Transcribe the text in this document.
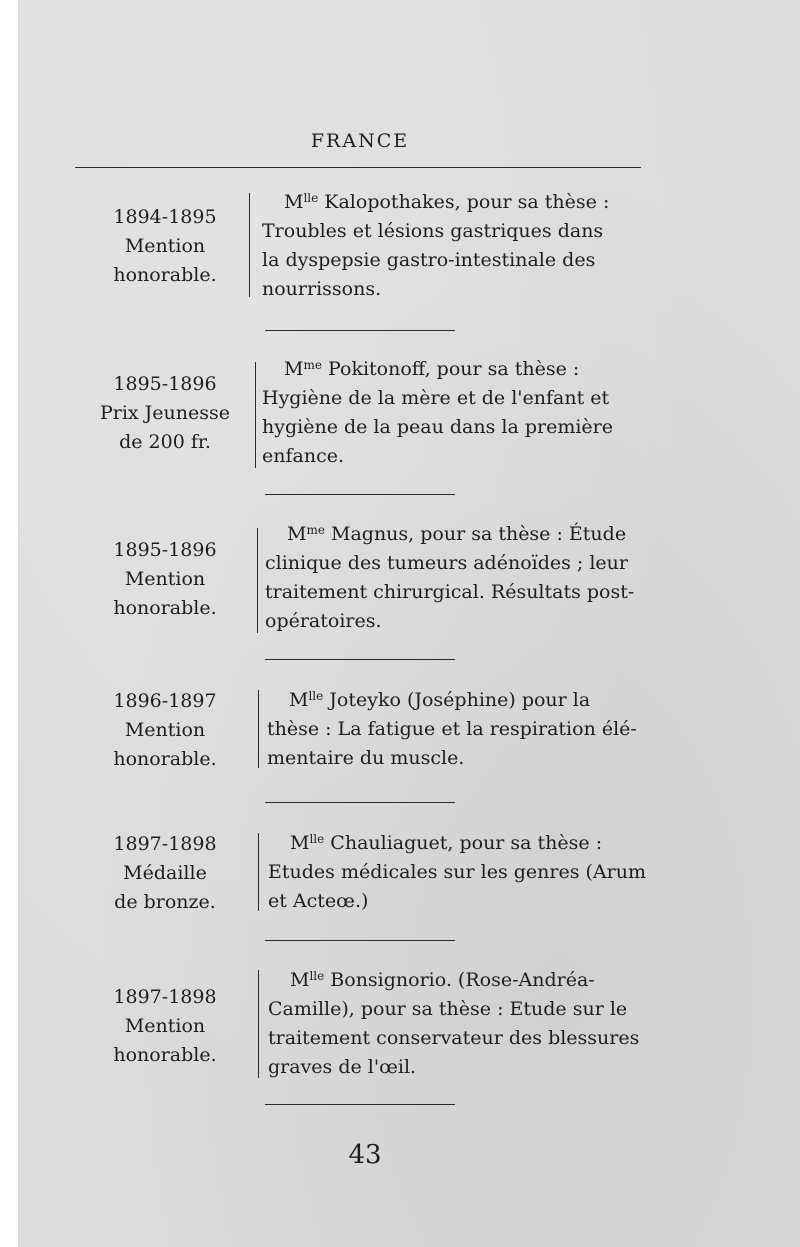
FRANCE
1894-1895
Mention
honorable.
$M^{lle}$ Kalopothakes, pour sa thèse :
Troubles et lésions gastriques dans
la dyspepsie gastro-intestinale des
nourrissons.
1895-1896
Prix Jeunesse
de 200 fr.
$M^{me}$ Pokitonoff, pour sa thèse :
Hygiène de la mère et de l'enfant et
hygiène de la peau dans la première
enfance.
1895-1896
Mention
honorable.
$M^{me}$ Magnus, pour sa thèse : Étude
clinique des tumeurs adénoïdes ; leur
traitement chirurgical. Résultats post-
opératoires.
1896-1897
Mention
honorable.
$M^{lle}$ Joteyko (Joséphine) pour la
thèse : La fatigue et la respiration élé-
mentaire du muscle.
1897-1898
Médaille
de bronze.
$M^{lle}$ Chauliaguet, pour sa thèse :
Etudes médicales sur les genres (Arum
et Acteœ.)
1897-1898
Mention
honorable.
$M^{lle}$ Bonsignorio. (Rose-Andréa-
Camille), pour sa thèse : Etude sur le
traitement conservateur des blessures
graves de l'œil.
43
